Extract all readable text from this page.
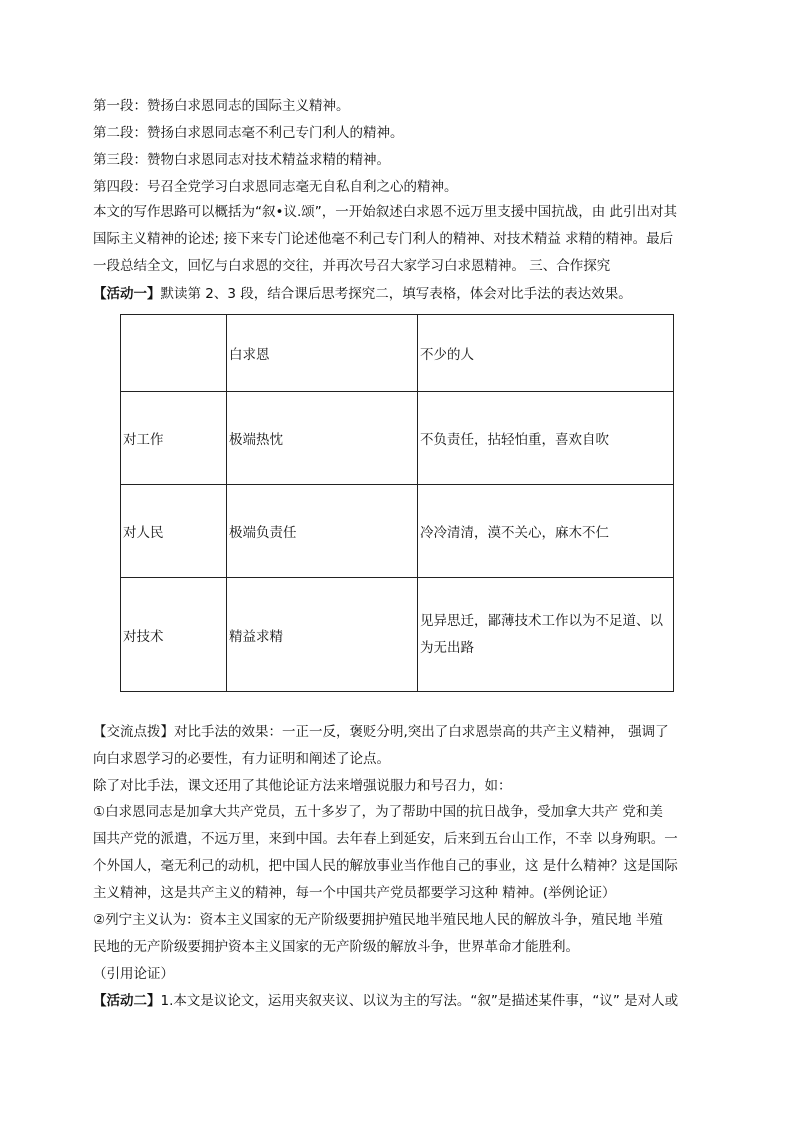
第一段：赞扬白求恩同志的国际主义精神。
第二段：赞扬白求恩同志毫不利己专门利人的精神。
第三段：赞物白求恩同志对技术精益求精的精神。
第四段：号召全党学习白求恩同志毫无自私自利之心的精神。
本文的写作思路可以概括为“叙•议.颂”，一开始叙述白求恩不远万里支援中国抗战，由 此引出对其
国际主义精神的论述; 接下来专门论述他毫不利己专门利人的精神、对技术精益 求精的精神。最后
一段总结全文，回忆与白求恩的交往，并再次号召大家学习白求恩精神。 三、合作探究
【活动一】默读第 2、3 段，结合课后思考探究二，填写表格，体会对比手法的表达效果。
	白求恩	不少的人
对工作	极端热忱	不负责任，拈轻怕重，喜欢自吹
对人民	极端负责任	冷冷清清，漠不关心，麻木不仁
对技术	精益求精	见异思迁，鄙薄技术工作以为不足道、以为无出路
【交流点拨】对比手法的效果：一正一反，褒贬分明,突出了白求恩崇高的共产主义精神， 强调了
向白求恩学习的必要性，有力证明和阐述了论点。
除了对比手法，课文还用了其他论证方法来增强说服力和号召力，如：
①白求恩同志是加拿大共产党员，五十多岁了，为了帮助中国的抗日战争，受加拿大共产 党和美
国共产党的派遣，不远万里，来到中国。去年春上到延安，后来到五台山工作，不幸 以身殉职。一
个外国人，毫无利己的动机，把中国人民的解放事业当作他自己的事业，这 是什么精神？这是国际
主义精神，这是共产主义的精神，每一个中国共产党员都要学习这种 精神。(举例论证）
②列宁主义认为：资本主义国家的无产阶级要拥护殖民地半殖民地人民的解放斗争，殖民地 半殖
民地的无产阶级要拥护资本主义国家的无产阶级的解放斗争，世界革命才能胜利。
（引用论证）
【活动二】1.本文是议论文，运用夹叙夹议、以议为主的写法。“叙”是描述某件事，“议” 是对人或
